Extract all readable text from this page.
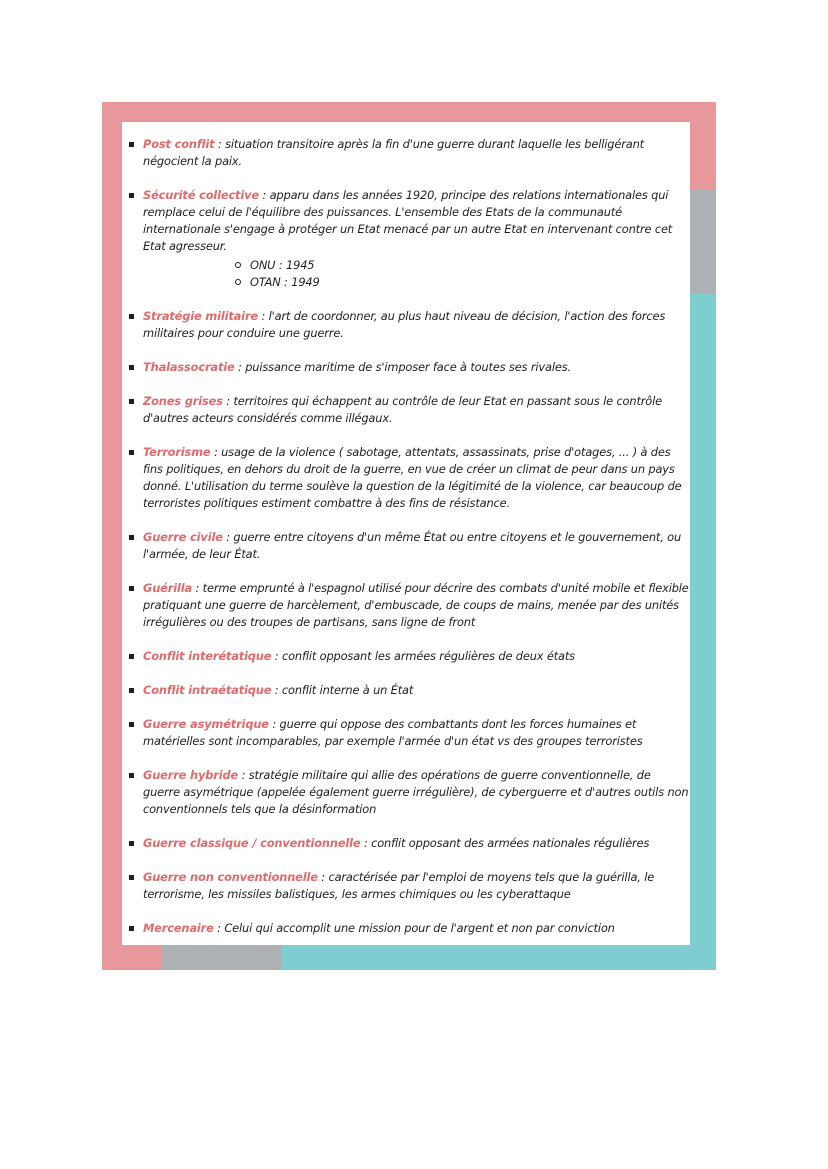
Post conflit : situation transitoire après la fin d'une guerre durant laquelle les belligérant négocient la paix.
Sécurité collective : apparu dans les années 1920, principe des relations internationales qui remplace celui de l'équilibre des puissances. L'ensemble des Etats de la communauté internationale s'engage à protéger un Etat menacé par un autre Etat en intervenant contre cet Etat agresseur.
ONU : 1945
OTAN : 1949
Stratégie militaire : l'art de coordonner, au plus haut niveau de décision, l'action des forces militaires pour conduire une guerre.
Thalassocratie : puissance maritime de s'imposer face à toutes ses rivales.
Zones grises : territoires qui échappent au contrôle de leur Etat en passant sous le contrôle d'autres acteurs considérés comme illégaux.
Terrorisme : usage de la violence ( sabotage, attentats, assassinats, prise d'otages, ... ) à des fins politiques, en dehors du droit de la guerre, en vue de créer un climat de peur dans un pays donné. L'utilisation du terme soulève la question de la légitimité de la violence, car beaucoup de terroristes politiques estiment combattre à des fins de résistance.
Guerre civile : guerre entre citoyens d'un même État ou entre citoyens et le gouvernement, ou l'armée, de leur État.
Guérilla : terme emprunté à l'espagnol utilisé pour décrire des combats d'unité mobile et flexible pratiquant une guerre de harcèlement, d'embuscade, de coups de mains, menée par des unités irrégulières ou des troupes de partisans, sans ligne de front
Conflit interétatique : conflit opposant les armées régulières de deux états
Conflit intraétatique : conflit interne à un État
Guerre asymétrique : guerre qui oppose des combattants dont les forces humaines et matérielles sont incomparables, par exemple l'armée d'un état vs des groupes terroristes
Guerre hybride : stratégie militaire qui allie des opérations de guerre conventionnelle, de guerre asymétrique (appelée également guerre irrégulière), de cyberguerre et d'autres outils non conventionnels tels que la désinformation
Guerre classique / conventionnelle : conflit opposant des armées nationales régulières
Guerre non conventionnelle : caractérisée par l'emploi de moyens tels que la guérilla, le terrorisme, les missiles balistiques, les armes chimiques ou les cyberattaque
Mercenaire : Celui qui accomplit une mission pour de l'argent et non par conviction
